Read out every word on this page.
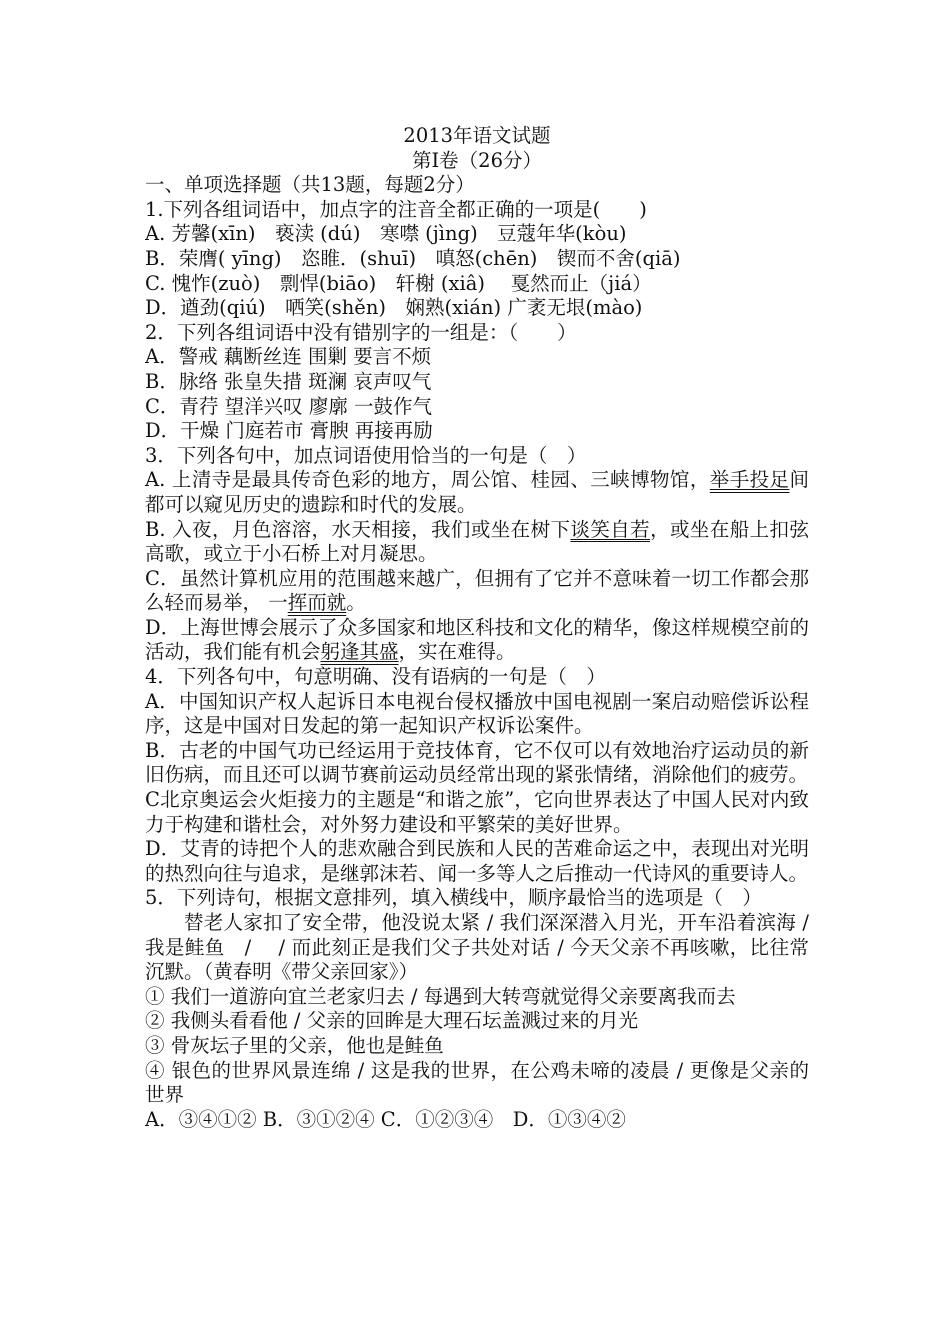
2013年语文试题
第Ⅰ卷（26分）
一、单项选择题（共13题，每题2分）
1.下列各组词语中，加点字的注音全都正确的一项是(　　)
A. 芳馨(xīn)　亵渎 (dú)　寒噤 (jìng)　豆蔻年华(kòu)
B．荣膺( yīng)　恣睢．(shuī)　嗔怒(chēn)　锲而不舍(qiā)
C. 愧怍(zuò)　剽悍(biāo)　轩榭 (xiâ)　 戛然而止（jiá）
D．遒劲(qiú)　哂笑(shěn)　娴熟(xián) 广袤无垠(mào)
2．下列各组词语中没有错别字的一组是：（　　）
A．警戒 藕断丝连 围剿 要言不烦
B．脉络 张皇失措 斑澜 哀声叹气
C．青荇 望洋兴叹 廖廓 一鼓作气
D．干燥 门庭若市 膏腴 再接再励
3．下列各句中，加点词语使用恰当的一句是（　）
A. 上清寺是最具传奇色彩的地方，周公馆、桂园、三峡博物馆，举手投足间都可以窥见历史的遗踪和时代的发展。
B. 入夜，月色溶溶，水天相接，我们或坐在树下谈笑自若，或坐在船上扣弦高歌，或立于小石桥上对月凝思。
C．虽然计算机应用的范围越来越广，但拥有了它并不意味着一切工作都会那么轻而易举， 一挥而就。
D．上海世博会展示了众多国家和地区科技和文化的精华，像这样规模空前的活动，我们能有机会躬逢其盛，实在难得。
4．下列各句中，句意明确、没有语病的一句是（　）
A．中国知识产权人起诉日本电视台侵权播放中国电视剧一案启动赔偿诉讼程序，这是中国对日发起的第一起知识产权诉讼案件。
B．古老的中国气功已经运用于竞技体育，它不仅可以有效地治疗运动员的新旧伤病，而且还可以调节赛前运动员经常出现的紧张情绪，消除他们的疲劳。
C北京奥运会火炬接力的主题是“和谐之旅”，它向世界表达了中国人民对内致力于构建和谐杜会，对外努力建设和平繁荣的美好世界。
D．艾青的诗把个人的悲欢融合到民族和人民的苦难命运之中，表现出对光明的热烈向往与追求，是继郭沫若、闻一多等人之后推动一代诗风的重要诗人。
5．下列诗句，根据文意排列，填入横线中，顺序最恰当的选项是（　）
替老人家扣了安全带，他没说太紧 / 我们深深潜入月光，开车沿着滨海 / 我是鲑鱼　/ / 而此刻正是我们父子共处对话 / 今天父亲不再咳嗽，比往常沉默。（黄春明《带父亲回家》）
① 我们一道游向宜兰老家归去 / 每遇到大转弯就觉得父亲要离我而去
② 我侧头看看他 / 父亲的回眸是大理石坛盖溅过来的月光
③ 骨灰坛子里的父亲，他也是鲑鱼
④ 银色的世界风景连绵 / 这是我的世界，在公鸡未啼的凌晨 / 更像是父亲的世界
A．③④①② B．③①②④ C．①②③④　D．①③④②
